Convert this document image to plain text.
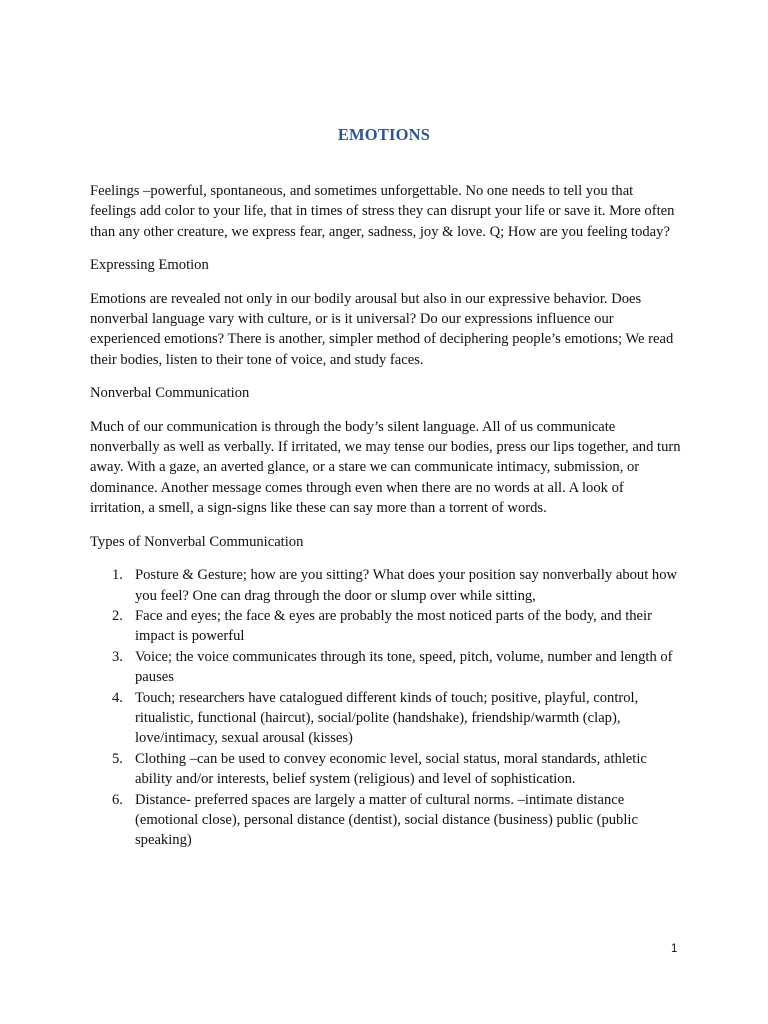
EMOTIONS

Feelings –powerful, spontaneous, and sometimes unforgettable. No one needs to tell you that feelings add color to your life, that in times of stress they can disrupt your life or save it. More often than any other creature, we express fear, anger, sadness, joy & love. Q; How are you feeling today?

Expressing Emotion

Emotions are revealed not only in our bodily arousal but also in our expressive behavior. Does nonverbal language vary with culture, or is it universal? Do our expressions influence our experienced emotions? There is another, simpler method of deciphering people’s emotions; We read their bodies, listen to their tone of voice, and study faces.

Nonverbal Communication

Much of our communication is through the body’s silent language. All of us communicate nonverbally as well as verbally. If irritated, we may tense our bodies, press our lips together, and turn away. With a gaze, an averted glance, or a stare we can communicate intimacy, submission, or dominance. Another message comes through even when there are no words at all. A look of irritation, a smell, a sign-signs like these can say more than a torrent of words.

Types of Nonverbal Communication

1. Posture & Gesture; how are you sitting? What does your position say nonverbally about how you feel? One can drag through the door or slump over while sitting,
2. Face and eyes; the face & eyes are probably the most noticed parts of the body, and their impact is powerful
3. Voice; the voice communicates through its tone, speed, pitch, volume, number and length of pauses
4. Touch; researchers have catalogued different kinds of touch; positive, playful, control, ritualistic, functional (haircut), social/polite (handshake), friendship/warmth (clap), love/intimacy, sexual arousal (kisses)
5. Clothing –can be used to convey economic level, social status, moral standards, athletic ability and/or interests, belief system (religious) and level of sophistication.
6. Distance- preferred spaces are largely a matter of cultural norms. –intimate distance (emotional close), personal distance (dentist), social distance (business) public (public speaking)
1
